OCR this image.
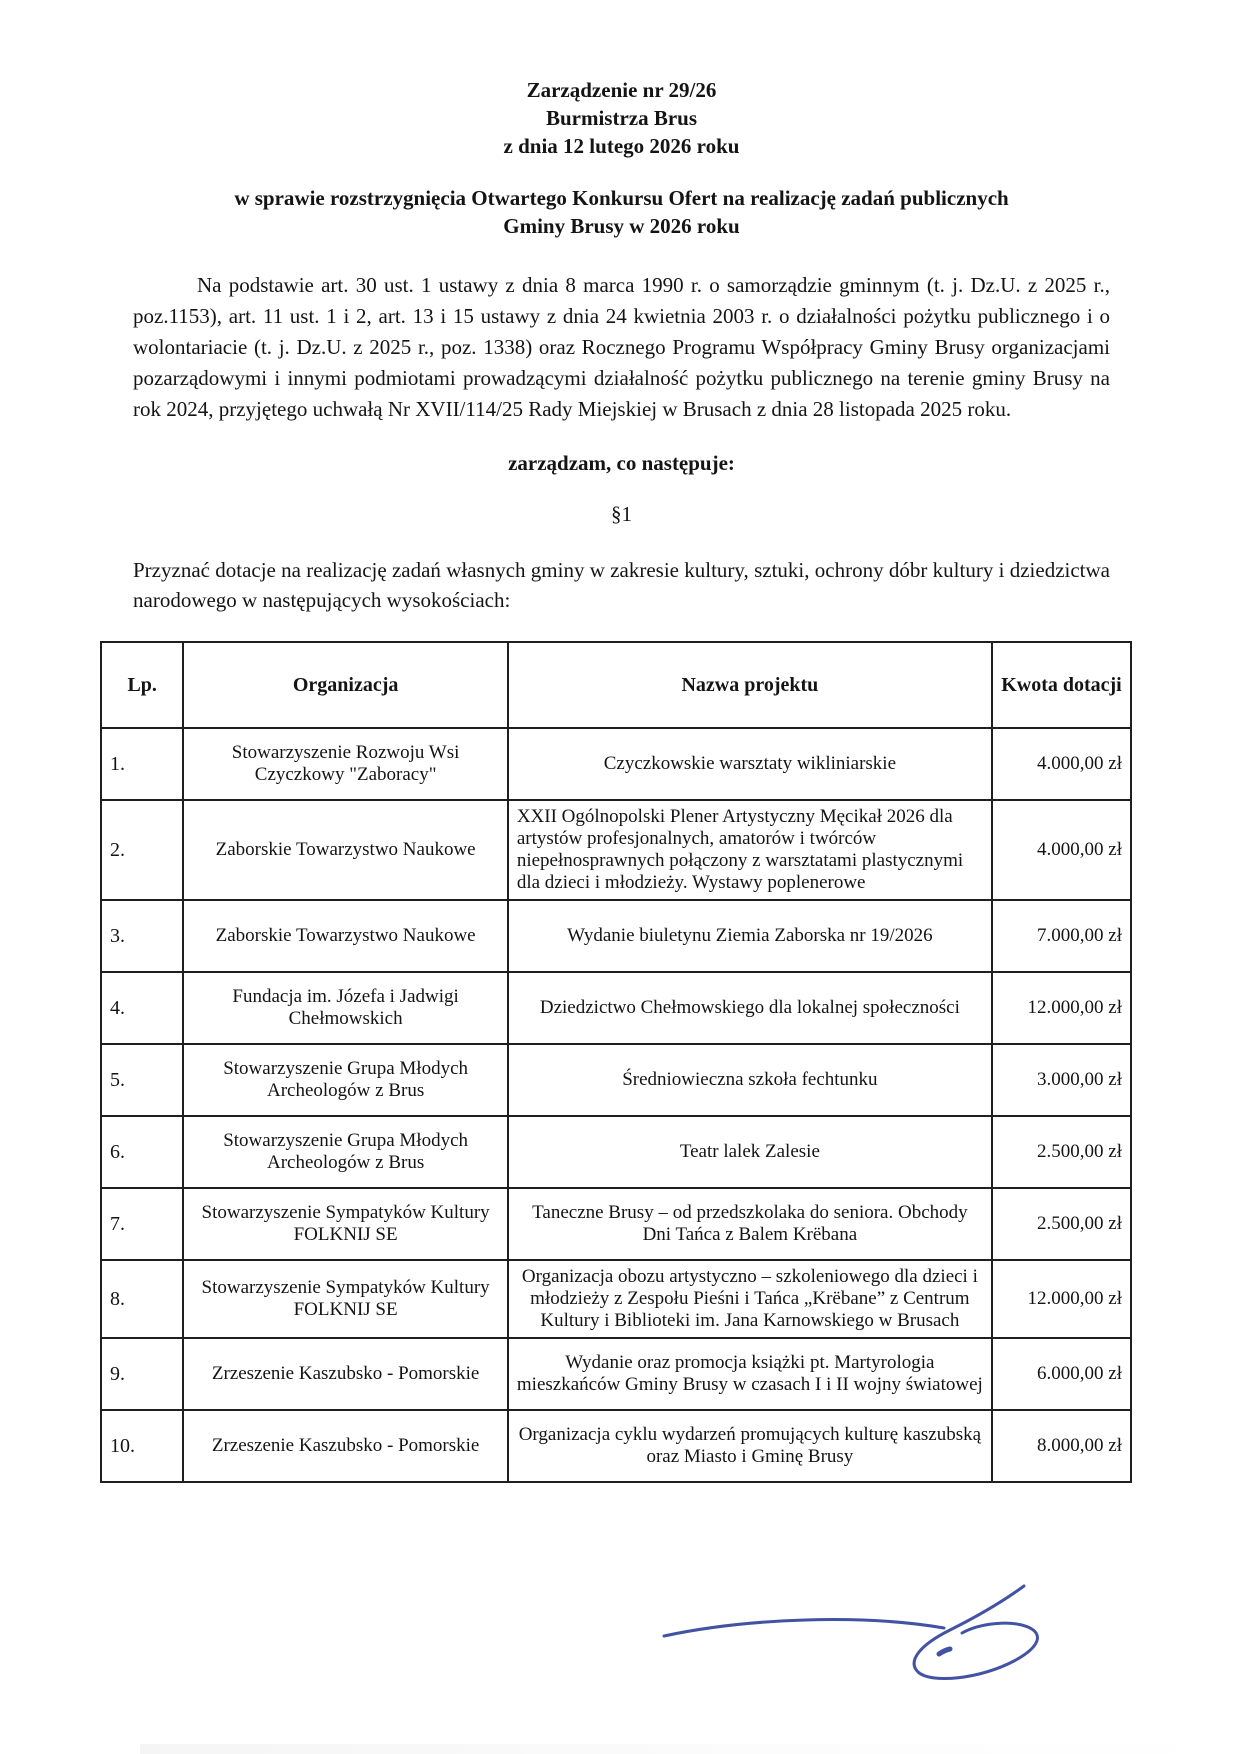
Zarządzenie nr 29/26
Burmistrza Brus
z dnia 12 lutego 2026 roku
w sprawie rozstrzygnięcia Otwartego Konkursu Ofert na realizację zadań publicznych
Gminy Brusy w 2026 roku

Na podstawie art. 30 ust. 1 ustawy z dnia 8 marca 1990 r. o samorządzie gminnym (t. j. Dz.U. z 2025 r., poz.1153), art. 11 ust. 1 i 2, art. 13 i 15 ustawy z dnia 24 kwietnia 2003 r. o działalności pożytku publicznego i o wolontariacie (t. j. Dz.U. z 2025 r., poz. 1338) oraz Rocznego Programu Współpracy Gminy Brusy organizacjami pozarządowymi i innymi podmiotami prowadzącymi działalność pożytku publicznego na terenie gminy Brusy na rok 2024, przyjętego uchwałą Nr XVII/114/25 Rady Miejskiej w Brusach z dnia 28 listopada 2025 roku.

zarządzam, co następuje:
§1

Przyznać dotacje na realizację zadań własnych gminy w zakresie kultury, sztuki, ochrony dóbr kultury i dziedzictwa narodowego w następujących wysokościach:

Lp.	Organizacja	Nazwa projektu	Kwota dotacji
1.	Stowarzyszenie Rozwoju Wsi Czyczkowy "Zaboracy"	Czyczkowskie warsztaty wikliniarskie	4.000,00 zł
2.	Zaborskie Towarzystwo Naukowe	XXII Ogólnopolski Plener Artystyczny Męcikał 2026 dla artystów profesjonalnych, amatorów i twórców niepełnosprawnych połączony z warsztatami plastycznymi dla dzieci i młodzieży. Wystawy poplenerowe	4.000,00 zł
3.	Zaborskie Towarzystwo Naukowe	Wydanie biuletynu Ziemia Zaborska nr 19/2026	7.000,00 zł
4.	Fundacja im. Józefa i Jadwigi Chełmowskich	Dziedzictwo Chełmowskiego dla lokalnej społeczności	12.000,00 zł
5.	Stowarzyszenie Grupa Młodych Archeologów z Brus	Średniowieczna szkoła fechtunku	3.000,00 zł
6.	Stowarzyszenie Grupa Młodych Archeologów z Brus	Teatr lalek Zalesie	2.500,00 zł
7.	Stowarzyszenie Sympatyków Kultury FOLKNIJ SE	Taneczne Brusy – od przedszkolaka do seniora. Obchody Dni Tańca z Balem Krëbana	2.500,00 zł
8.	Stowarzyszenie Sympatyków Kultury FOLKNIJ SE	Organizacja obozu artystyczno – szkoleniowego dla dzieci i młodzieży z Zespołu Pieśni i Tańca „Krëbane” z Centrum Kultury i Biblioteki im. Jana Karnowskiego w Brusach	12.000,00 zł
9.	Zrzeszenie Kaszubsko - Pomorskie	Wydanie oraz promocja książki pt. Martyrologia mieszkańców Gminy Brusy w czasach I i II wojny światowej	6.000,00 zł
10.	Zrzeszenie Kaszubsko - Pomorskie	Organizacja cyklu wydarzeń promujących kulturę kaszubską oraz Miasto i Gminę Brusy	8.000,00 zł
